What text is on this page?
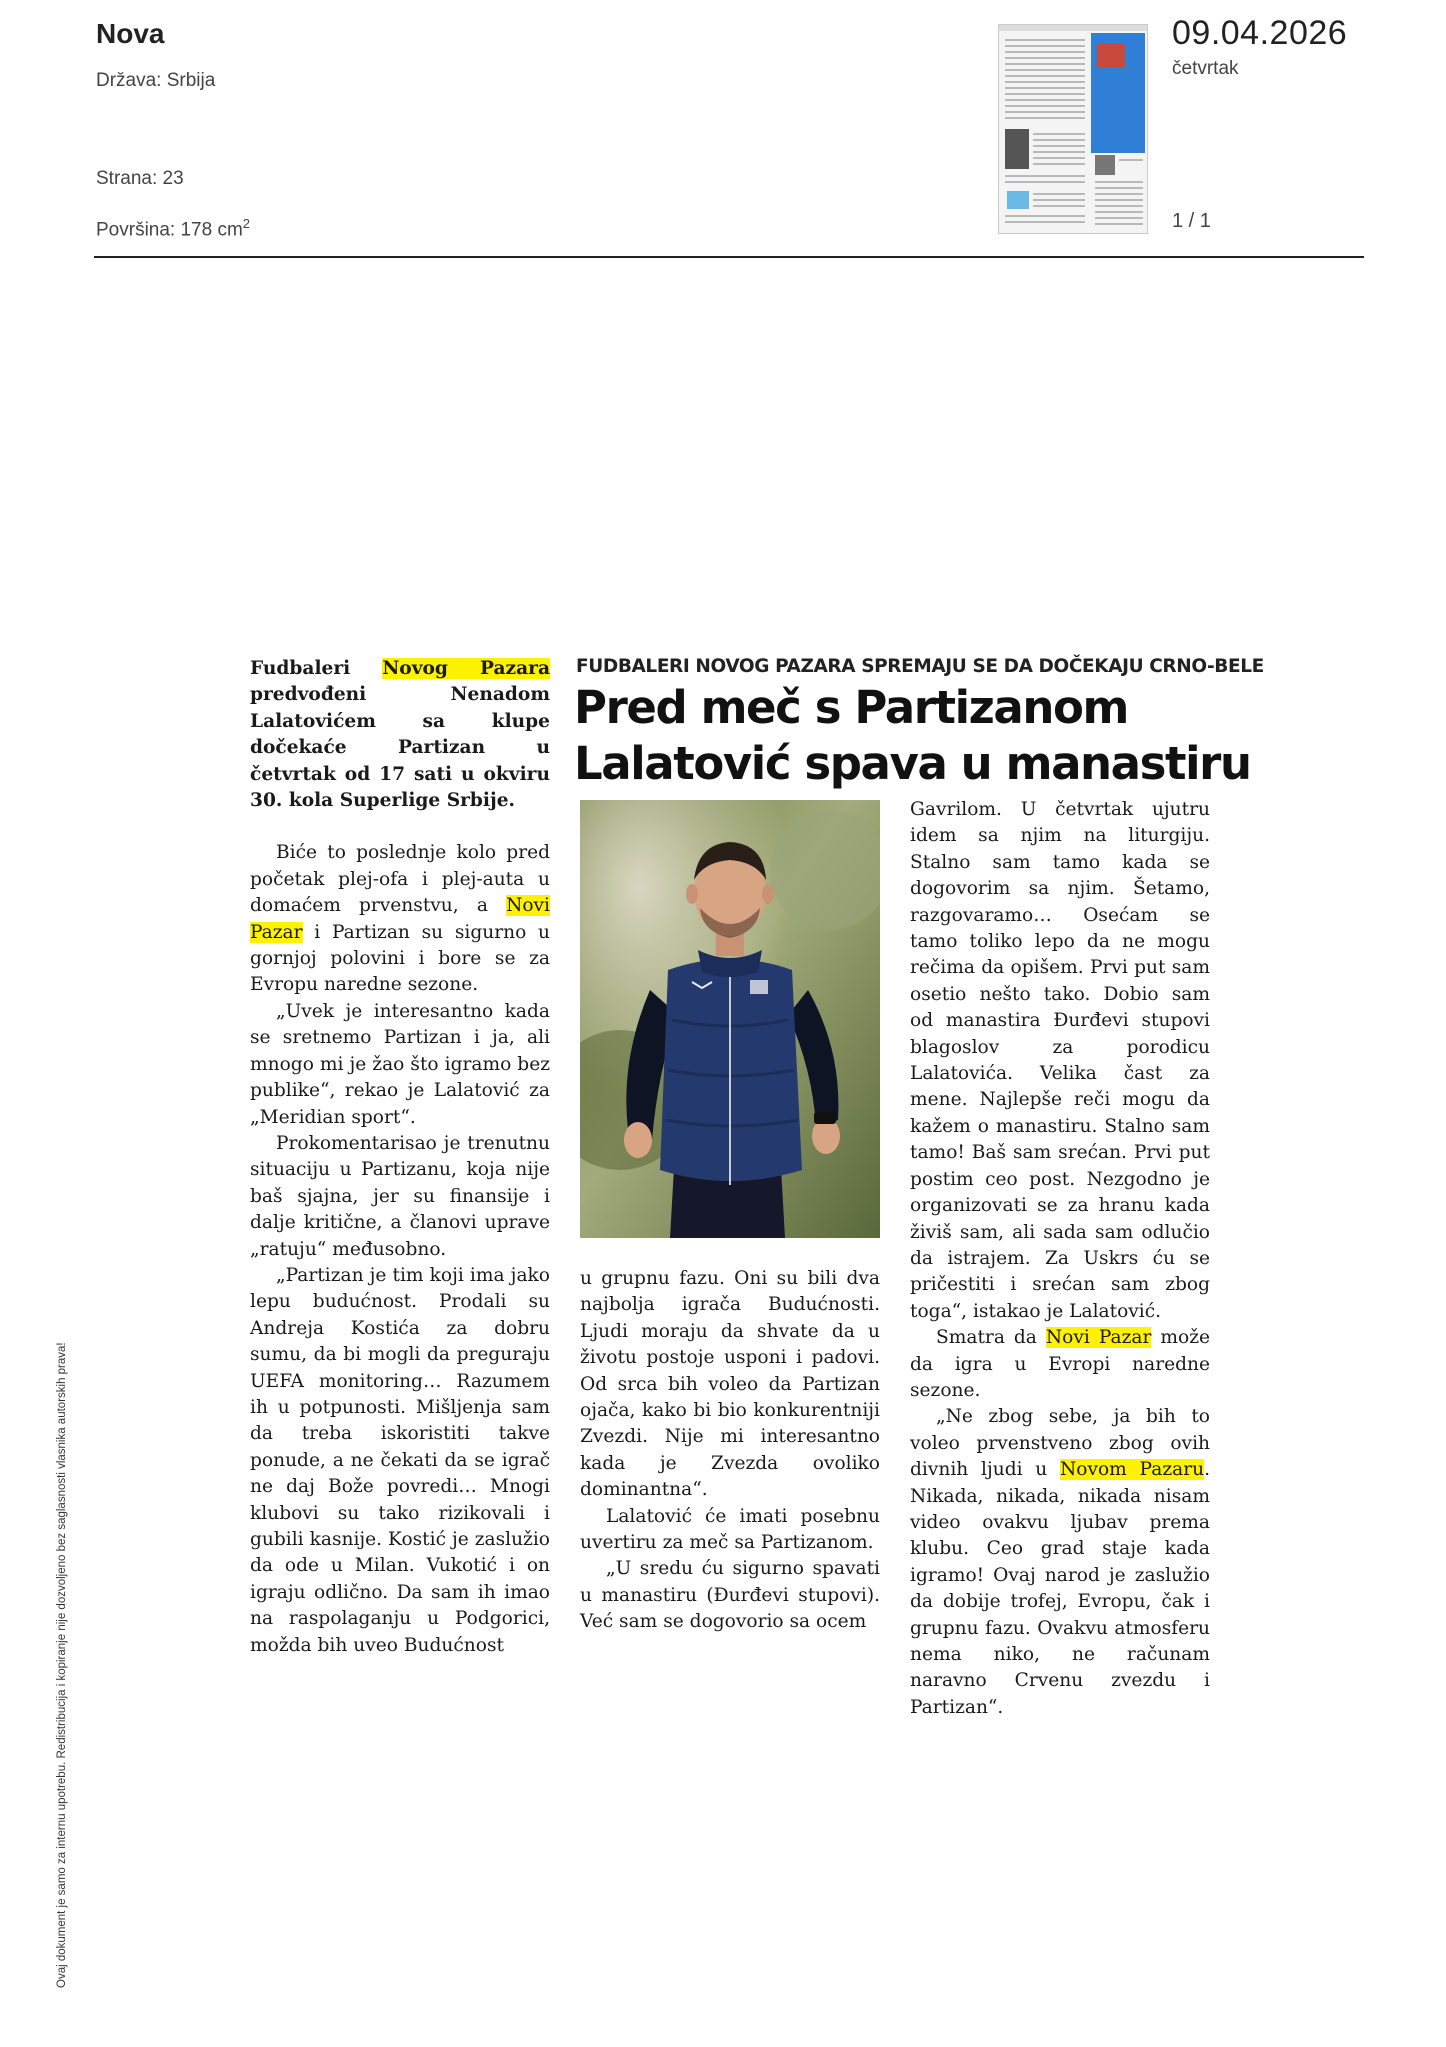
Nova
Država: Srbija
Strana: 23
Površina: 178 $cm^2$
09.04.2026
četvrtak
1 / 1
Ovaj dokument je samo za internu upotrebu. Redistribucija i kopiranje nije dozvoljeno bez saglasnosti vlasnika autorskih prava!
FUDBALERI NOVOG PAZARA SPREMAJU SE DA DOČEKAJU CRNO-BELE
Pred meč s Partizanom
Lalatović spava u manastiru

Fudbaleri Novog Pazara predvođeni Nenadom Lalatovićem sa klupe dočekaće Partizan u četvrtak od 17 sati u okviru 30. kola Superlige Srbije.

Biće to poslednje kolo pred početak plej-ofa i plej-auta u domaćem prvenstvu, a Novi Pazar i Partizan su sigurno u gornjoj polovini i bore se za Evropu naredne sezone.

„Uvek je interesantno kada se sretnemo Partizan i ja, ali mnogo mi je žao što igramo bez publike“, rekao je Lalatović za „Meridian sport“.

Prokomentarisao je trenutnu situaciju u Partizanu, koja nije baš sjajna, jer su finansije i dalje kritične, a članovi uprave „ratuju“ međusobno.

„Partizan je tim koji ima jako lepu budućnost. Prodali su Andreja Kostića za dobru sumu, da bi mogli da preguraju UEFA monitoring… Razumem ih u potpunosti. Mišljenja sam da treba iskoristiti takve ponude, a ne čekati da se igrač ne daj Bože povredi… Mnogi klubovi su tako rizikovali i gubili kasnije. Kostić je zaslužio da ode u Milan. Vukotić i on igraju odlično. Da sam ih imao na raspolaganju u Podgorici, možda bih uveo Budućnost

u grupnu fazu. Oni su bili dva najbolja igrača Budućnosti. Ljudi moraju da shvate da u životu postoje usponi i padovi. Od srca bih voleo da Partizan ojača, kako bi bio konkurentniji Zvezdi. Nije mi interesantno kada je Zvezda ovoliko dominantna“.

Lalatović će imati posebnu uvertiru za meč sa Partizanom.

„U sredu ću sigurno spavati u manastiru (Đurđevi stupovi). Već sam se dogovorio sa ocem

Gavrilom. U četvrtak ujutru idem sa njim na liturgiju. Stalno sam tamo kada se dogovorim sa njim. Šetamo, razgovaramo… Osećam se tamo toliko lepo da ne mogu rečima da opišem. Prvi put sam osetio nešto tako. Dobio sam od manastira Đurđevi stupovi blagoslov za porodicu Lalatovića. Velika čast za mene. Najlepše reči mogu da kažem o manastiru. Stalno sam tamo! Baš sam srećan. Prvi put postim ceo post. Nezgodno je organizovati se za hranu kada živiš sam, ali sada sam odlučio da istrajem. Za Uskrs ću se pričestiti i srećan sam zbog toga“, istakao je Lalatović.

Smatra da Novi Pazar može da igra u Evropi naredne sezone.

„Ne zbog sebe, ja bih to voleo prvenstveno zbog ovih divnih ljudi u Novom Pazaru. Nikada, nikada, nikada nisam video ovakvu ljubav prema klubu. Ceo grad staje kada igramo! Ovaj narod je zaslužio da dobije trofej, Evropu, čak i grupnu fazu. Ovakvu atmosferu nema niko, ne računam naravno Crvenu zvezdu i Partizan“.
